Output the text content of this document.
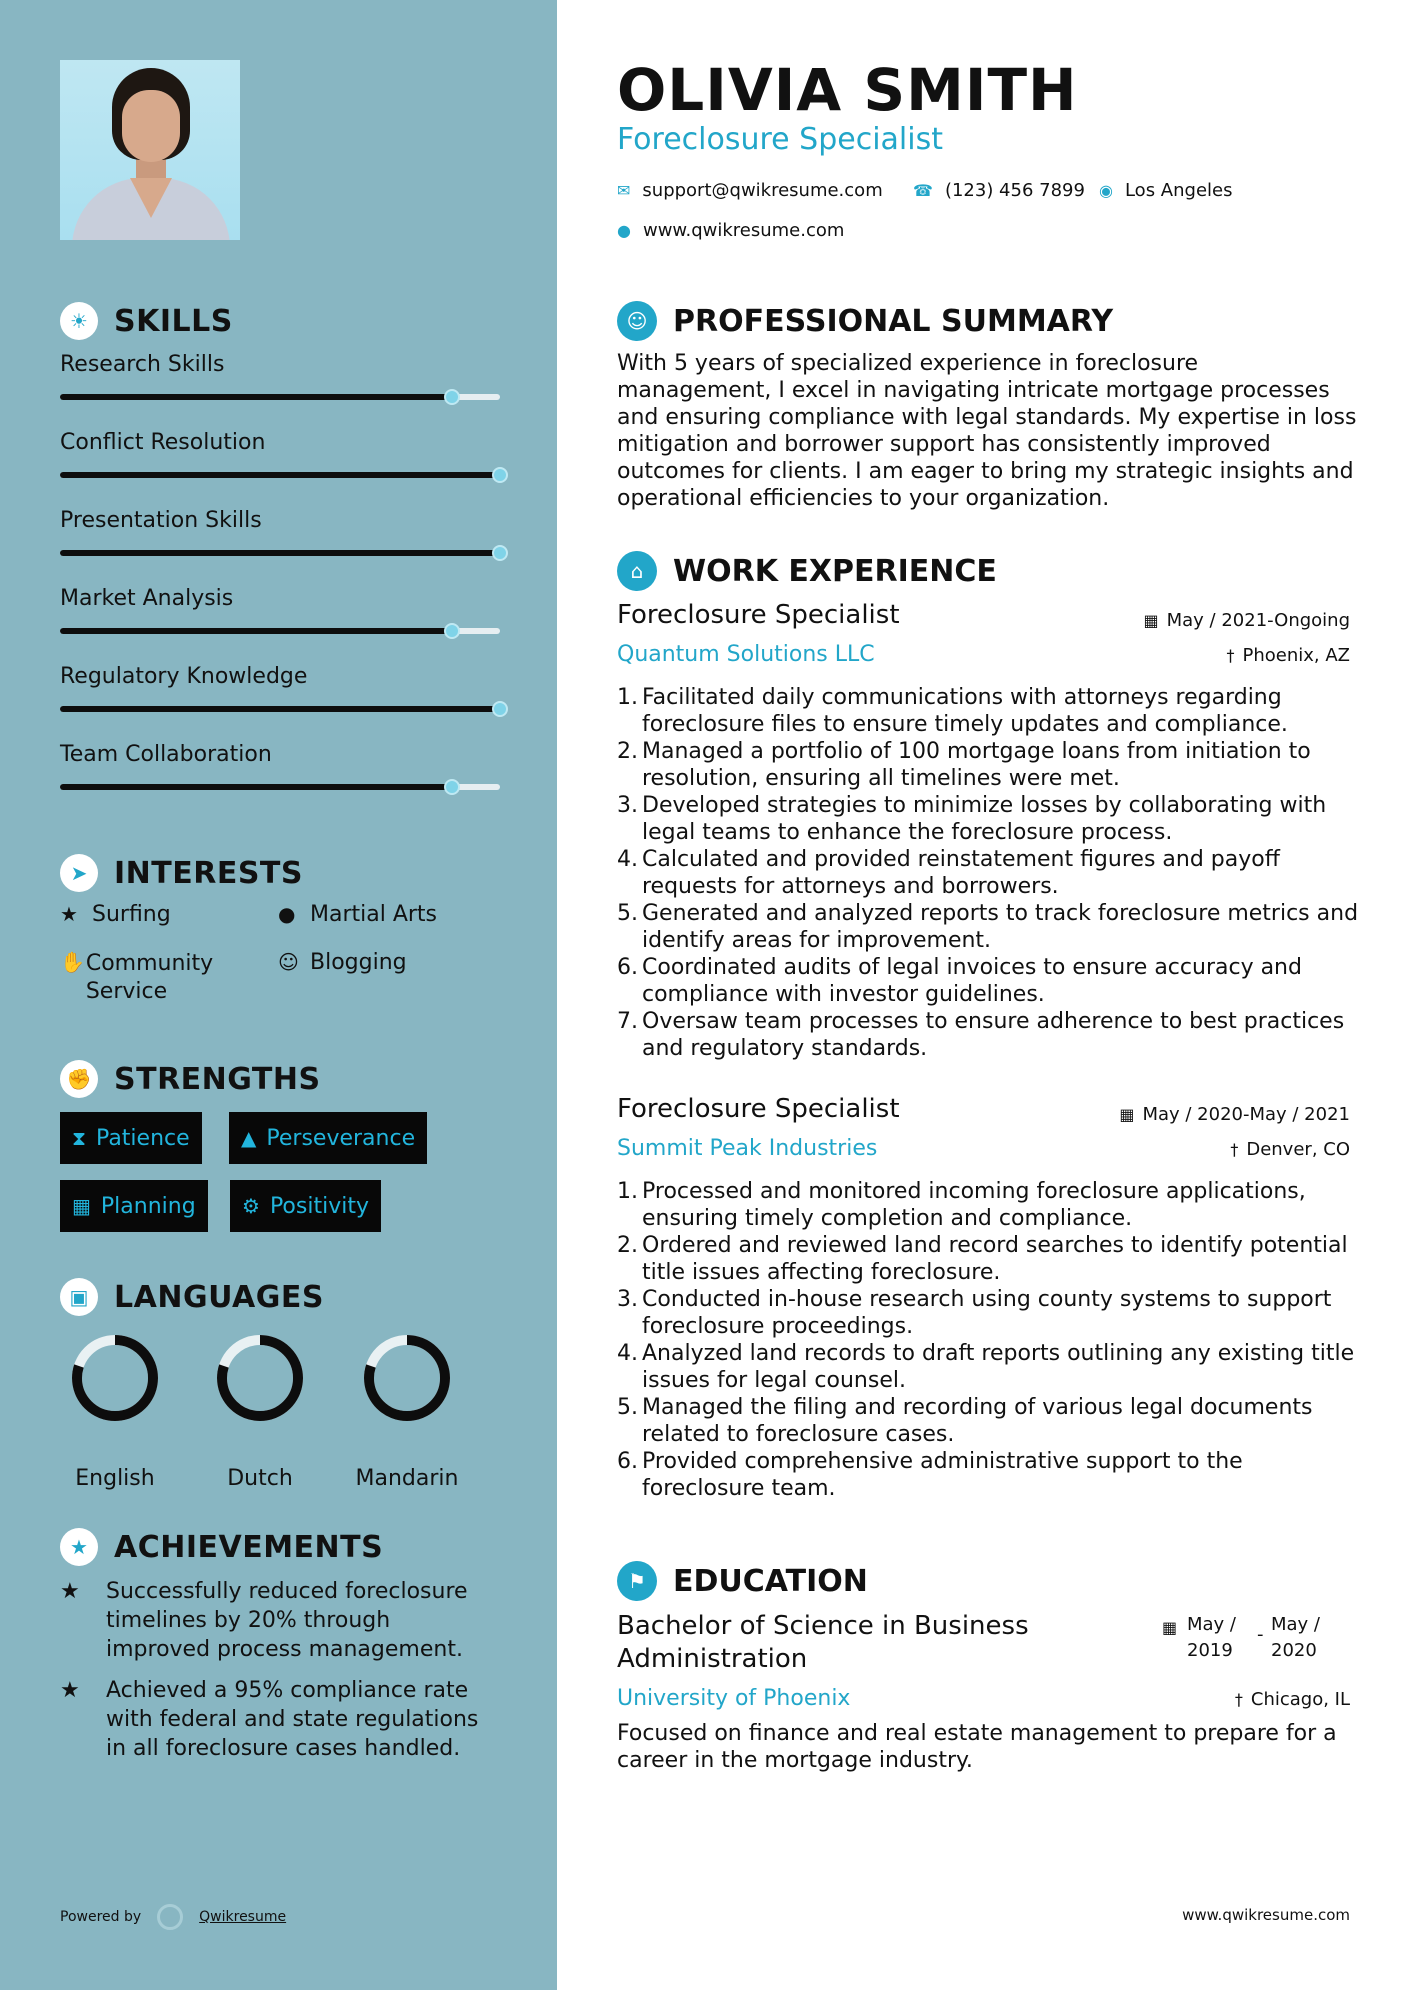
☀ SKILLS
➤ INTERESTS
★ Surfing	● Martial Arts
✋ Community Service
☺ Blogging
✊ STRENGTHS
⧗ Patience	▲ Perseverance
▦ Planning ⚙ Positivity
▣ LANGUAGES
★ ACHIEVEMENTS
★	Successfully reduced foreclosure timelines by 20% through improved process management.
★	Achieved a 95% compliance rate with federal and state regulations in all foreclosure cases handled.
Powered by	Qwikresume
Research Skills
Conflict Resolution
Presentation Skills
Market Analysis
Regulatory Knowledge
Team Collaboration
English	Dutch	Mandarin
OLIVIA SMITH
Foreclosure Specialist
✉ support@qwikresume.com ☎ (123) 456 7899 ◉ Los Angeles
● www.qwikresume.com
☺ PROFESSIONAL SUMMARY
With 5 years of specialized experience in foreclosure management, I excel in navigating intricate mortgage processes and ensuring compliance with legal standards. My expertise in loss mitigation and borrower support has consistently improved outcomes for clients. I am eager to bring my strategic insights and operational efficiencies to your organization.
⌂ WORK EXPERIENCE
Foreclosure Specialist	▦ May / 2021-Ongoing
Quantum Solutions LLC	† Phoenix, AZ
1. Facilitated daily communications with attorneys regarding foreclosure files to ensure timely updates and compliance.
2. Managed a portfolio of 100 mortgage loans from initiation to resolution, ensuring all timelines were met.
3. Developed strategies to minimize losses by collaborating with legal teams to enhance the foreclosure process.
4. Calculated and provided reinstatement figures and payoff requests for attorneys and borrowers.
5. Generated and analyzed reports to track foreclosure metrics and identify areas for improvement.
6. Coordinated audits of legal invoices to ensure accuracy and compliance with investor guidelines.
7. Oversaw team processes to ensure adherence to best practices and regulatory standards.
Foreclosure Specialist	▦ May / 2020-May / 2021
Summit Peak Industries	† Denver, CO
1. Processed and monitored incoming foreclosure applications, ensuring timely completion and compliance.
2. Ordered and reviewed land record searches to identify potential title issues affecting foreclosure.
3. Conducted in-house research using county systems to support foreclosure proceedings.
4. Analyzed land records to draft reports outlining any existing title issues for legal counsel.
5. Managed the filing and recording of various legal documents related to foreclosure cases.
6. Provided comprehensive administrative support to the foreclosure team.
⚑ EDUCATION
Bachelor of Science in Business Administration
▦ May /
2019
- May /
2020
University of Phoenix	† Chicago, IL
Focused on finance and real estate management to prepare for a career in the mortgage industry.
www.qwikresume.com
